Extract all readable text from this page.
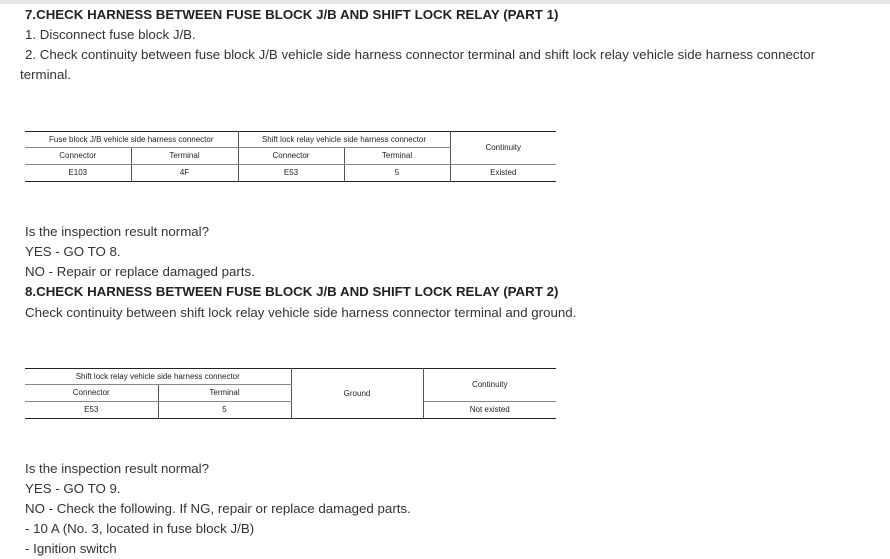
7.CHECK HARNESS BETWEEN FUSE BLOCK J/B AND SHIFT LOCK RELAY (PART 1)
1. Disconnect fuse block J/B.
2. Check continuity between fuse block J/B vehicle side harness connector terminal and shift lock relay vehicle side harness connector
terminal.
Fuse block J/B vehicle side harness connector		Shift lock relay vehicle side harness connector		Continuity
Connector	Terminal	Connector	Terminal	
E103	4F	E53	5	Existed
Is the inspection result normal?
YES - GO TO 8.
NO - Repair or replace damaged parts.
8.CHECK HARNESS BETWEEN FUSE BLOCK J/B AND SHIFT LOCK RELAY (PART 2)
Check continuity between shift lock relay vehicle side harness connector terminal and ground.
Shift lock relay vehicle side harness connector		Ground	Continuity
Connector	Terminal		
E53	5		Not existed
Is the inspection result normal?
YES - GO TO 9.
NO - Check the following. If NG, repair or replace damaged parts.
- 10 A (No. 3, located in fuse block J/B)
- Ignition switch
